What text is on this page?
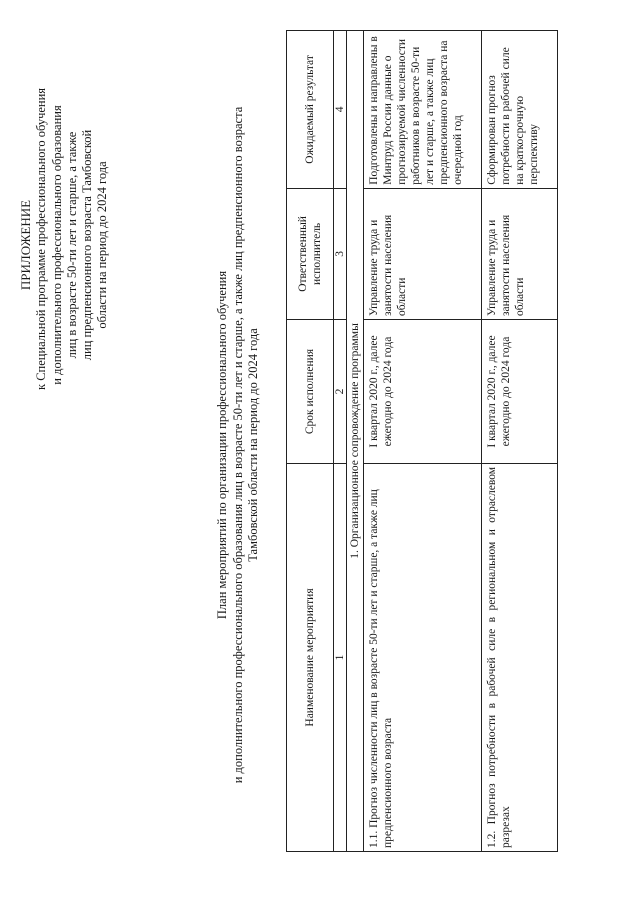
ПРИЛОЖЕНИЕ к Специальной программе профессионального обучения и дополнительного профессионального образования лиц в возрасте 50-ти лет и старше, а также лиц предпенсионного возраста Тамбовской области на период до 2024 года
План мероприятий по организации профессионального обучения и дополнительного профессионального образования лиц в возрасте 50-ти лет и старше, а также лиц предпенсионного возраста Тамбовской области на период до 2024 года
Наименование мероприятия	Срок исполнения	Ответственный исполнитель	Ожидаемый результат
1	2	3	4
1. Организационное сопровождение программы			
1.1. Прогноз численности лиц в возрасте 50-ти лет и старше, а также лиц предпенсионного возраста	I квартал 2020 г., далее ежегодно до 2024 года	Управление труда и занятости населения области	Подготовлены и направлены в Минтруд России данные о прогнозируемой численности работников в возрасте 50-ти лет и старше, а также лиц предпенсионного возраста на очередной год
1.2. Прогноз потребности в рабочей силе в региональном и отраслевом разрезах	I квартал 2020 г., далее ежегодно до 2024 года	Управление труда и занятости населения области	Сформирован прогноз потребности в рабочей силе на краткосрочную перспективу
